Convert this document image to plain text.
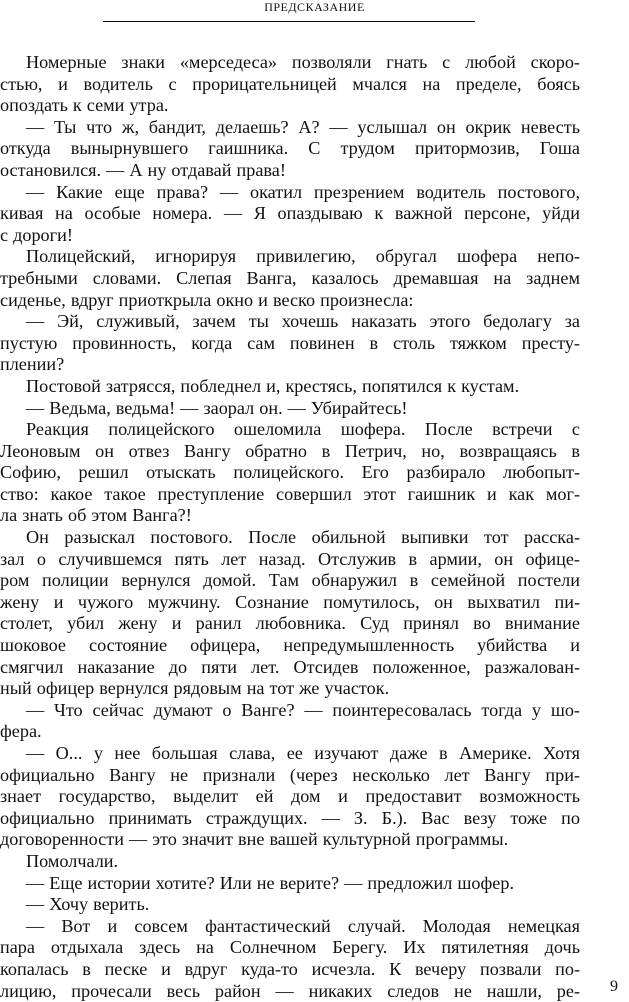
ПРЕДСКАЗАНИЕ
Номерные знаки «мерседеса» позволяли гнать с любой скоро-
стью, и водитель с прорицательницей мчался на пределе, боясь
опоздать к семи утра.
— Ты что ж, бандит, делаешь? А? — услышал он окрик невесть
откуда вынырнувшего гаишника. С трудом притормозив, Гоша
остановился. — А ну отдавай права!
— Какие еще права? — окатил презрением водитель постового,
кивая на особые номера. — Я опаздываю к важной персоне, уйди
с дороги!
Полицейский, игнорируя привилегию, обругал шофера непо-
требными словами. Слепая Ванга, казалось дремавшая на заднем
сиденье, вдруг приоткрыла окно и веско произнесла:
— Эй, служивый, зачем ты хочешь наказать этого бедолагу за
пустую провинность, когда сам повинен в столь тяжком престу-
плении?
Постовой затрясся, побледнел и, крестясь, попятился к кустам.
— Ведьма, ведьма! — заорал он. — Убирайтесь!
Реакция полицейского ошеломила шофера. После встречи с
Леоновым он отвез Вангу обратно в Петрич, но, возвращаясь в
Софию, решил отыскать полицейского. Его разбирало любопыт-
ство: какое такое преступление совершил этот гаишник и как мог-
ла знать об этом Ванга?!
Он разыскал постового. После обильной выпивки тот расска-
зал о случившемся пять лет назад. Отслужив в армии, он офице-
ром полиции вернулся домой. Там обнаружил в семейной постели
жену и чужого мужчину. Сознание помутилось, он выхватил пи-
столет, убил жену и ранил любовника. Суд принял во внимание
шоковое состояние офицера, непредумышленность убийства и
смягчил наказание до пяти лет. Отсидев положенное, разжалован-
ный офицер вернулся рядовым на тот же участок.
— Что сейчас думают о Ванге? — поинтересовалась тогда у шо-
фера.
— О... у нее большая слава, ее изучают даже в Америке. Хотя
официально Вангу не признали (через несколько лет Вангу при-
знает государство, выделит ей дом и предоставит возможность
официально принимать страждущих. — З. Б.). Вас везу тоже по
договоренности — это значит вне вашей культурной программы.
Помолчали.
— Еще истории хотите? Или не верите? — предложил шофер.
— Хочу верить.
— Вот и совсем фантастический случай. Молодая немецкая
пара отдыхала здесь на Солнечном Берегу. Их пятилетняя дочь
копалась в песке и вдруг куда-то исчезла. К вечеру позвали по-
лицию, прочесали весь район — никаких следов не нашли, ре- 9
